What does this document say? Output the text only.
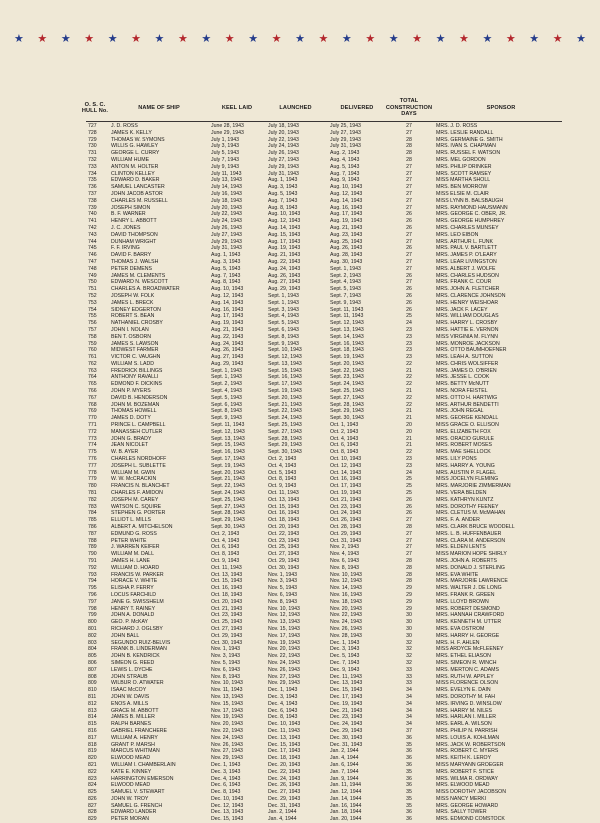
★ ★ ★ ★ ★ ★ ★ ★ ★ ★ ★ ★ ★ ★ ★ ★ ★ ★ ★ ★ ★ ★ ★ ★ ★
O. S. C.
HULL No.
NAME OF SHIP	KEEL LAID	LAUNCHED	DELIVERED
TOTAL
CONSTRUCTION
DAYS
SPONSOR
727	J. D. ROSS	June 28, 1943	July 18, 1943	July 25, 1943	27	MRS. J. D. ROSS
728	JAMES K. KELLY	June 29, 1943	July 20, 1943	July 27, 1943	27	MRS. LESLIE RANDALL
729	THOMAS W. SYMONS	July 1, 1943	July 22, 1943	July 29, 1943	28	MRS. GERMAINE G. SMITH
730	WILLIS G. HAWLEY	July 3, 1943	July 24, 1943	July 31, 1943	28	MRS. IVAN S. CHAPMAN
731	GEORGE L. CURRY	July 5, 1943	July 26, 1943	Aug. 2, 1943	28	MRS. RUSSEL F. WATSON
732	WILLIAM HUME	July 7, 1943	July 27, 1943	Aug. 4, 1943	28	MRS. MEL GORDON
733	ANTON M. HOLTER	July 9, 1943	July 29, 1943	Aug. 5, 1943	27	MRS. PHILIP DRINKER
734	CLINTON KELLEY	July 11, 1943	July 31, 1943	Aug. 7, 1943	27	MRS. SCOTT RAMSEY
735	EDWARD D. BAKER	July 13, 1943	Aug. 1, 1943	Aug. 9, 1943	27	MISS MARTHA SHOLL
736	SAMUEL LANCASTER	July 14, 1943	Aug. 3, 1943	Aug. 10, 1943	27	MRS. BEN MORROW
737	JOHN JACOB ASTOR	July 16, 1943	Aug. 5, 1943	Aug. 12, 1943	27	MISS ELSIE M. CLAIR
738	CHARLES M. RUSSELL	July 18, 1943	Aug. 7, 1943	Aug. 14, 1943	27	MISS LYNN B. BALSBAUGH
739	JOSEPH SIMON	July 20, 1943	Aug. 8, 1943	Aug. 16, 1943	27	MRS. RAYMOND HAUSMANN
740	B. F. WARNER	July 22, 1943	Aug. 10, 1943	Aug. 17, 1943	26	MRS. GEORGE C. OBER, JR.
741	HENRY L. ABBOTT	July 24, 1943	Aug. 12, 1943	Aug. 19, 1943	26	MRS. GEORGE HUMPHREY
742	J. C. JONES	July 26, 1943	Aug. 14, 1943	Aug. 21, 1943	26	MRS. CHARLES MUNSEY
743	DAVID THOMPSON	July 27, 1943	Aug. 15, 1943	Aug. 23, 1943	27	MRS. LEO EIBON
744	DUNHAM WRIGHT	July 29, 1943	Aug. 17, 1943	Aug. 25, 1943	27	MRS. ARTHUR L. FUNK
745	F. F. IRVING	July 31, 1943	Aug. 19, 1943	Aug. 26, 1943	26	MRS. PAUL V. BARTLETT
746	DAVID F. BARRY	Aug. 1, 1943	Aug. 21, 1943	Aug. 28, 1943	27	MRS. JAMES P. O'LEARY
747	THOMAS J. WALSH	Aug. 3, 1943	Aug. 22, 1943	Aug. 30, 1943	27	MRS. LEAR LIVINGSTON
748	PETER DEMENS	Aug. 5, 1943	Aug. 24, 1943	Sept. 1, 1943	27	MRS. ALBERT J. WOLFE
749	JAMES M. CLEMENTS	Aug. 7, 1943	Aug. 26, 1943	Sept. 2, 1943	26	MRS. CHARLES HUDSON
750	EDWARD N. WESCOTT	Aug. 8, 1943	Aug. 27, 1943	Sept. 4, 1943	27	MRS. FRANK C. COUR
751	CHARLES A. BROADWATER	Aug. 10, 1943	Aug. 29, 1943	Sept. 5, 1943	26	MRS. JOHN A. FLETCHER
752	JOSEPH W. FOLK	Aug. 12, 1943	Sept. 1, 1943	Sept. 7, 1943	26	MRS. CLARENCE JOHNSON
753	JAMES L. BRECK	Aug. 14, 1943	Sept. 1, 1943	Sept. 9, 1943	26	MRS. HENRY WEISHOAR
754	SIDNEY EDGERTON	Aug. 16, 1943	Sept. 3, 1943	Sept. 11, 1943	26	MRS. JACK F. LACEY
755	ROBERT S. BEAN	Aug. 17, 1943	Sept. 4, 1943	Sept. 11, 1943	25	MRS. WILLIAM DOUGLAS
756	NATHANIEL CROSBY	Aug. 19, 1943	Sept. 5, 1943	Sept. 12, 1943	24	MRS. HARRY L. CROSBY
757	JOHN I. NOLAN	Aug. 21, 1943	Sept. 6, 1943	Sept. 13, 1943	23	MRS. HATTIE E. VERNON
758	BEN T. OSBORN	Aug. 22, 1943	Sept. 8, 1943	Sept. 14, 1943	23	MISS VIRGINIA M. FLYNN
759	JAMES S. LAWSON	Aug. 24, 1943	Sept. 9, 1943	Sept. 16, 1943	23	MRS. MONROE JACKSON
760	MIDWEST FARMER	Aug. 26, 1943	Sept. 10, 1943	Sept. 18, 1943	23	MRS. OTTO BAUMHOEFNER
761	VICTOR C. VAUGHN	Aug. 27, 1943	Sept. 12, 1943	Sept. 19, 1943	23	MRS. LEAH A. SUTTON
762	WILLIAM S. LADD	Aug. 29, 1943	Sept. 13, 1943	Sept. 20, 1943	22	MRS. CHRIS WOLSIFFER
763	FREDRICK BILLINGS	Sept. 1, 1943	Sept. 15, 1943	Sept. 22, 1943	21	MRS. JAMES D. O'BRIEN
764	ANTHONY RAVALLI	Sept. 1, 1943	Sept. 16, 1943	Sept. 23, 1943	22	MRS. JESSE L. COOK
765	EDMOND F. DICKINS	Sept. 2, 1943	Sept. 17, 1943	Sept. 24, 1943	22	MRS. BETTY McNUTT
766	JOHN P. MYERS	Sept. 4, 1943	Sept. 19, 1943	Sept. 25, 1943	21	MRS. NORA FEISTEL
767	DAVID B. HENDERSON	Sept. 5, 1943	Sept. 20, 1943	Sept. 27, 1943	22	MRS. OTTO H. HARTWIG
768	JOHN M. BOZEMAN	Sept. 6, 1943	Sept. 21, 1943	Sept. 28, 1943	22	MRS. ARTHUR BENDETTI
769	THOMAS HOWELL	Sept. 8, 1943	Sept. 22, 1943	Sept. 29, 1943	21	MRS. JOHN REGAL
770	JAMES D. DOTY	Sept. 9, 1943	Sept. 24, 1943	Sept. 30, 1943	21	MRS. GEORGE KENDALL
771	PRINCE L. CAMPBELL	Sept. 11, 1943	Sept. 25, 1943	Oct. 1, 1943	20	MISS GRACE O. ELLISON
772	MANASSEH CUTLER	Sept. 12, 1943	Sept. 27, 1943	Oct. 2, 1943	20	MRS. ELIZABETH FOX
773	JOHN G. BRADY	Sept. 13, 1943	Sept. 28, 1943	Oct. 4, 1943	21	MRS. ORACIO GURULE
774	JEAN NICOLET	Sept. 15, 1943	Sept. 29, 1943	Oct. 6, 1943	21	MRS. ROBERT MOSES
775	W. B. AYER	Sept. 16, 1943	Sept. 30, 1943	Oct. 8, 1943	22	MRS. MAE SHELLOCK
776	CHARLES NORDHOFF	Sept. 17, 1943	Oct. 2, 1943	Oct. 10, 1943	23	MRS. LILY PONS
777	JOSEPH L. SUBLETTE	Sept. 19, 1943	Oct. 4, 1943	Oct. 12, 1943	23	MRS. HARRY A. YOUNG
778	WILLIAM M. GWIN	Sept. 20, 1943	Oct. 5, 1943	Oct. 14, 1943	24	MRS. AUSTIN P. FLAGEL
779	W. W. McCRACKIN	Sept. 21, 1943	Oct. 8, 1943	Oct. 16, 1943	25	MISS JOCELYN FLEMING
780	FRANCIS N. BLANCHET	Sept. 22, 1943	Oct. 9, 1943	Oct. 17, 1943	25	MRS. MARJORIE ZIMMERMAN
781	CHARLES F. AMIDON	Sept. 24, 1943	Oct. 11, 1943	Oct. 19, 1943	25	MRS. VERA BELDEN
782	JOSEPH M. CAREY	Sept. 25, 1943	Oct. 13, 1943	Oct. 21, 1943	26	MRS. KATHRYN KUNTZ
783	WATSON C. SQUIRE	Sept. 27, 1943	Oct. 15, 1943	Oct. 23, 1943	26	MRS. DOROTHY FEENEY
784	STEPHEN G. PORTER	Sept. 28, 1943	Oct. 16, 1943	Oct. 24, 1943	26	MRS. CLETUS M. McMAHAN
785	ELLIOT L. MILLS	Sept. 29, 1943	Oct. 18, 1943	Oct. 26, 1943	27	MRS. F. A. ANDER
786	ALBERT A. MITCHELSON	Sept. 30, 1943	Oct. 20, 1943	Oct. 28, 1943	28	MRS. CLARK BRUCE WOODELL
787	EDMUND G. ROSS	Oct. 2, 1943	Oct. 22, 1943	Oct. 29, 1943	27	MRS. L. B. HUFFENBAUER
788	PETER WHITE	Oct. 4, 1943	Oct. 23, 1943	Oct. 31, 1943	27	MRS. CLARA M. ANDERSON
789	J. WARREN KEIFER	Oct. 6, 1943	Oct. 25, 1943	Nov. 2, 1943	27	MRS. ELDEN LENTS
790	WILLIAM M. DALL	Oct. 8, 1943	Oct. 27, 1943	Nov. 4, 1943	27	MISS MARION HOPE SHIRLY
791	JAMES H. LANE	Oct. 9, 1943	Oct. 29, 1943	Nov. 6, 1943	28	MRS. JOHN A. ROBERTS
792	WILLIAM D. HOARD	Oct. 11, 1943	Oct. 30, 1943	Nov. 8, 1943	28	MRS. DONALD J. STERLING
793	FRANCIS W. PARKER	Oct. 13, 1943	Nov. 1, 1943	Nov. 10, 1943	28	MRS. EVA WHITE
794	HORACE V. WHITE	Oct. 15, 1943	Nov. 3, 1943	Nov. 12, 1943	28	MRS. MARJORIE LAWRENCE
795	ELISHA P. FERRY	Oct. 16, 1943	Nov. 5, 1943	Nov. 14, 1943	29	MRS. WALTER J. DE LONG
796	LOCUS FARCHILD	Oct. 18, 1943	Nov. 6, 1943	Nov. 16, 1943	29	MRS. FRANK R. GREEN
797	JANE G. SWISSHELM	Oct. 20, 1943	Nov. 8, 1943	Nov. 18, 1943	29	MRS. LLOYD BROWN
798	HENRY T. RAINEY	Oct. 21, 1943	Nov. 10, 1943	Nov. 20, 1943	29	MRS. ROBERT DESMOND
799	JOHN A. DONALD	Oct. 23, 1943	Nov. 12, 1943	Nov. 22, 1943	30	MRS. HANNAH CRAWFORD
800	GEO. P. McKAY	Oct. 25, 1943	Nov. 13, 1943	Nov. 24, 1943	30	MRS. KENNETH M. UTTER
801	RICHARD J. OGLSBY	Oct. 27, 1943	Nov. 15, 1943	Nov. 26, 1943	30	MRS. EVA OSTROM
802	JOHN BALL	Oct. 29, 1943	Nov. 17, 1943	Nov. 28, 1943	30	MRS. HARRY H. GEORGE
803	SEGUNDO RUIZ-BELVIS	Oct. 30, 1943	Nov. 19, 1943	Dec. 1, 1943	32	MRS. H. F. AHLEN
804	FRANK B. LINDERMAN	Nov. 1, 1943	Nov. 20, 1943	Dec. 3, 1943	32	MISS ARDYCE McFLEENEY
805	JOHN B. KENDRICK	Nov. 3, 1943	Nov. 22, 1943	Dec. 5, 1943	32	MRS. ETHEL ELIASON
806	SIMEON G. REED	Nov. 5, 1943	Nov. 24, 1943	Dec. 7, 1943	32	MRS. SIMEON R. WINCH
807	LEWIS L. DYCHE	Nov. 6, 1943	Nov. 26, 1943	Dec. 9, 1943	33	MRS. MERTON C. ADAMS
808	JOHN STRAUB	Nov. 8, 1943	Nov. 27, 1943	Dec. 11, 1943	33	MRS. RUTH W. APPLEY
809	WILBUR O. ATWATER	Nov. 10, 1943	Nov. 29, 1943	Dec. 13, 1943	33	MISS FLORENCE OLSON
810	ISAAC McCOY	Nov. 11, 1943	Dec. 1, 1943	Dec. 15, 1943	34	MRS. EVELYN E. DAIN
811	JOHN W. DAVIS	Nov. 13, 1943	Dec. 3, 1943	Dec. 17, 1943	34	MRS. DOROTHY M. FAH
812	ENOS A. MILLS	Nov. 15, 1943	Dec. 4, 1943	Dec. 19, 1943	34	MRS. IRVING D. WINSLOW
813	GRACE M. ABBOTT	Nov. 17, 1943	Dec. 6, 1943	Dec. 21, 1943	34	MRS. HARRY M. NILES
814	JAMES B. MILLER	Nov. 19, 1943	Dec. 8, 1943	Dec. 23, 1943	34	MRS. HARLAN I. MILLER
815	RALPH BARNES	Nov. 20, 1943	Dec. 10, 1943	Dec. 24, 1943	34	MRS. EARL A. WILSON
816	GABRIEL FRANCHERE	Nov. 22, 1943	Dec. 11, 1943	Dec. 29, 1943	37	MRS. PHILIP N. PARRISH
817	WILLIAM A. HENRY	Nov. 24, 1943	Dec. 13, 1943	Dec. 30, 1943	36	MRS. LOUIS A. KOHLMAN
818	GRANT P. MARSH	Nov. 26, 1943	Dec. 15, 1943	Dec. 31, 1943	35	MRS. JACK W. ROBERTSON
819	MARCUS WHITMAN	Nov. 27, 1943	Dec. 17, 1943	Jan. 2, 1944	36	MRS. ROBERT C. MYERS
820	ELWOOD MEAD	Nov. 29, 1943	Dec. 18, 1943	Jan. 4, 1944	36	MRS. KEITH K. LEROY
821	WILLIAM I. CHAMBERLAIN	Dec. 1, 1943	Dec. 20, 1943	Jan. 6, 1944	36	MISS MARYANN GROEGER
822	KATE E. KINNEY	Dec. 3, 1943	Dec. 22, 1943	Jan. 7, 1944	35	MRS. ROBERT F. STICE
823	HARRINGTON EMERSON	Dec. 4, 1943	Dec. 24, 1943	Jan. 9, 1944	36	MRS. WILMA R. ORDWAY
824	ELWOOD MEAD	Dec. 6, 1943	Dec. 26, 1943	Jan. 11, 1944	36	MRS. ELWOOD MEAD
825	SAMUEL V. STEWART	Dec. 8, 1943	Dec. 27, 1943	Jan. 12, 1944	35	MISS DOROTHY JACOBSON
826	JOHN W. TROY	Dec. 10, 1943	Dec. 29, 1943	Jan. 14, 1944	35	MISS NANCY MERKI
827	SAMUEL G. FRENCH	Dec. 12, 1943	Dec. 31, 1943	Jan. 16, 1944	35	MRS. GEORGE HOWARD
828	EDWARD LANDER	Dec. 13, 1943	Jan. 2, 1944	Jan. 18, 1944	36	MRS. SALLY TOWER
829	PETER MORAN	Dec. 15, 1943	Jan. 4, 1944	Jan. 20, 1944	36	MRS. EDMOND COMSTOCK
